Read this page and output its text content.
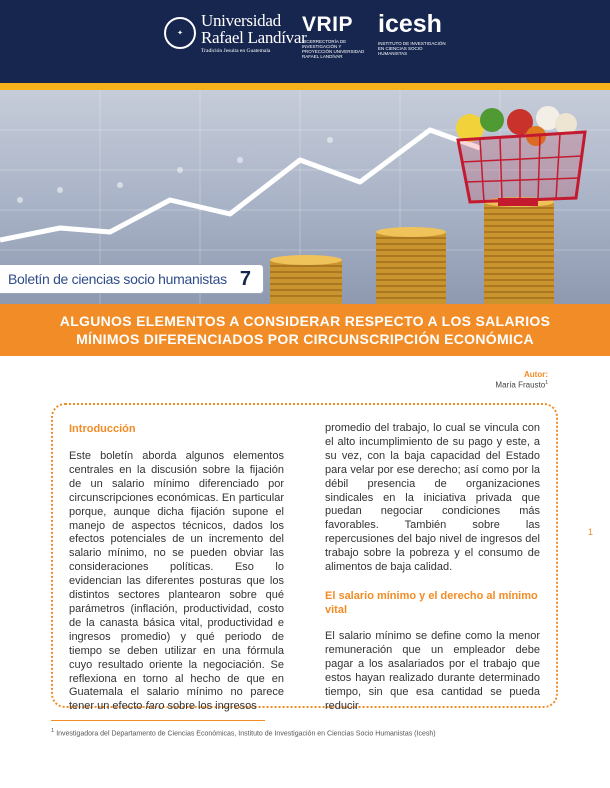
✦
Universidad
Rafael Landívar
Tradición Jesuita en Guatemala
VRIP
VICERRECTORÍA DE INVESTIGACIÓN Y PROYECCIÓN UNIVERSIDAD RAFAEL LANDÍVAR
icesh
INSTITUTO DE INVESTIGACIÓN EN CIENCIAS SOCIO HUMANISTAS
Boletín de ciencias socio humanistas 7
ALGUNOS ELEMENTOS A CONSIDERAR RESPECTO A LOS SALARIOS
MÍNIMOS DIFERENCIADOS POR CIRCUNSCRIPCIÓN ECONÓMICA
Autor:
María Frausto$^1$
Introducción

Este boletín aborda algunos elementos centrales en la discusión sobre la fijación de un salario mínimo diferenciado por circunscripciones económicas. En particular porque, aunque dicha fijación supone el manejo de aspectos técnicos, dados los efectos potenciales de un incremento del salario mínimo, no se pueden obviar las consideraciones políticas. Eso lo evidencian las diferentes posturas que los distintos sectores plantearon sobre qué parámetros (inflación, productividad, costo de la canasta básica vital, productividad e ingresos promedio) y qué periodo de tiempo se deben utilizar en una fórmula cuyo resultado oriente la negociación. Se reflexiona en torno al hecho de que en Guatemala el salario mínimo no parece tener un efecto faro sobre los ingresos

promedio del trabajo, lo cual se vincula con el alto incumplimiento de su pago y este, a su vez, con la baja capacidad del Estado para velar por ese derecho; así como por la débil presencia de organizaciones sindicales en la iniciativa privada que puedan negociar condiciones más favorables. También sobre las repercusiones del bajo nivel de ingresos del trabajo sobre la pobreza y el consumo de alimentos de baja calidad.

El salario mínimo y el derecho al mínimo vital

El salario mínimo se define como la menor remuneración que un empleador debe pagar a los asalariados por el trabajo que estos hayan realizado durante determinado tiempo, sin que esa cantidad se pueda reducir

1
$^1$ Investigadora del Departamento de Ciencias Económicas, Instituto de Investigación en Ciencias Socio Humanistas (Icesh)
